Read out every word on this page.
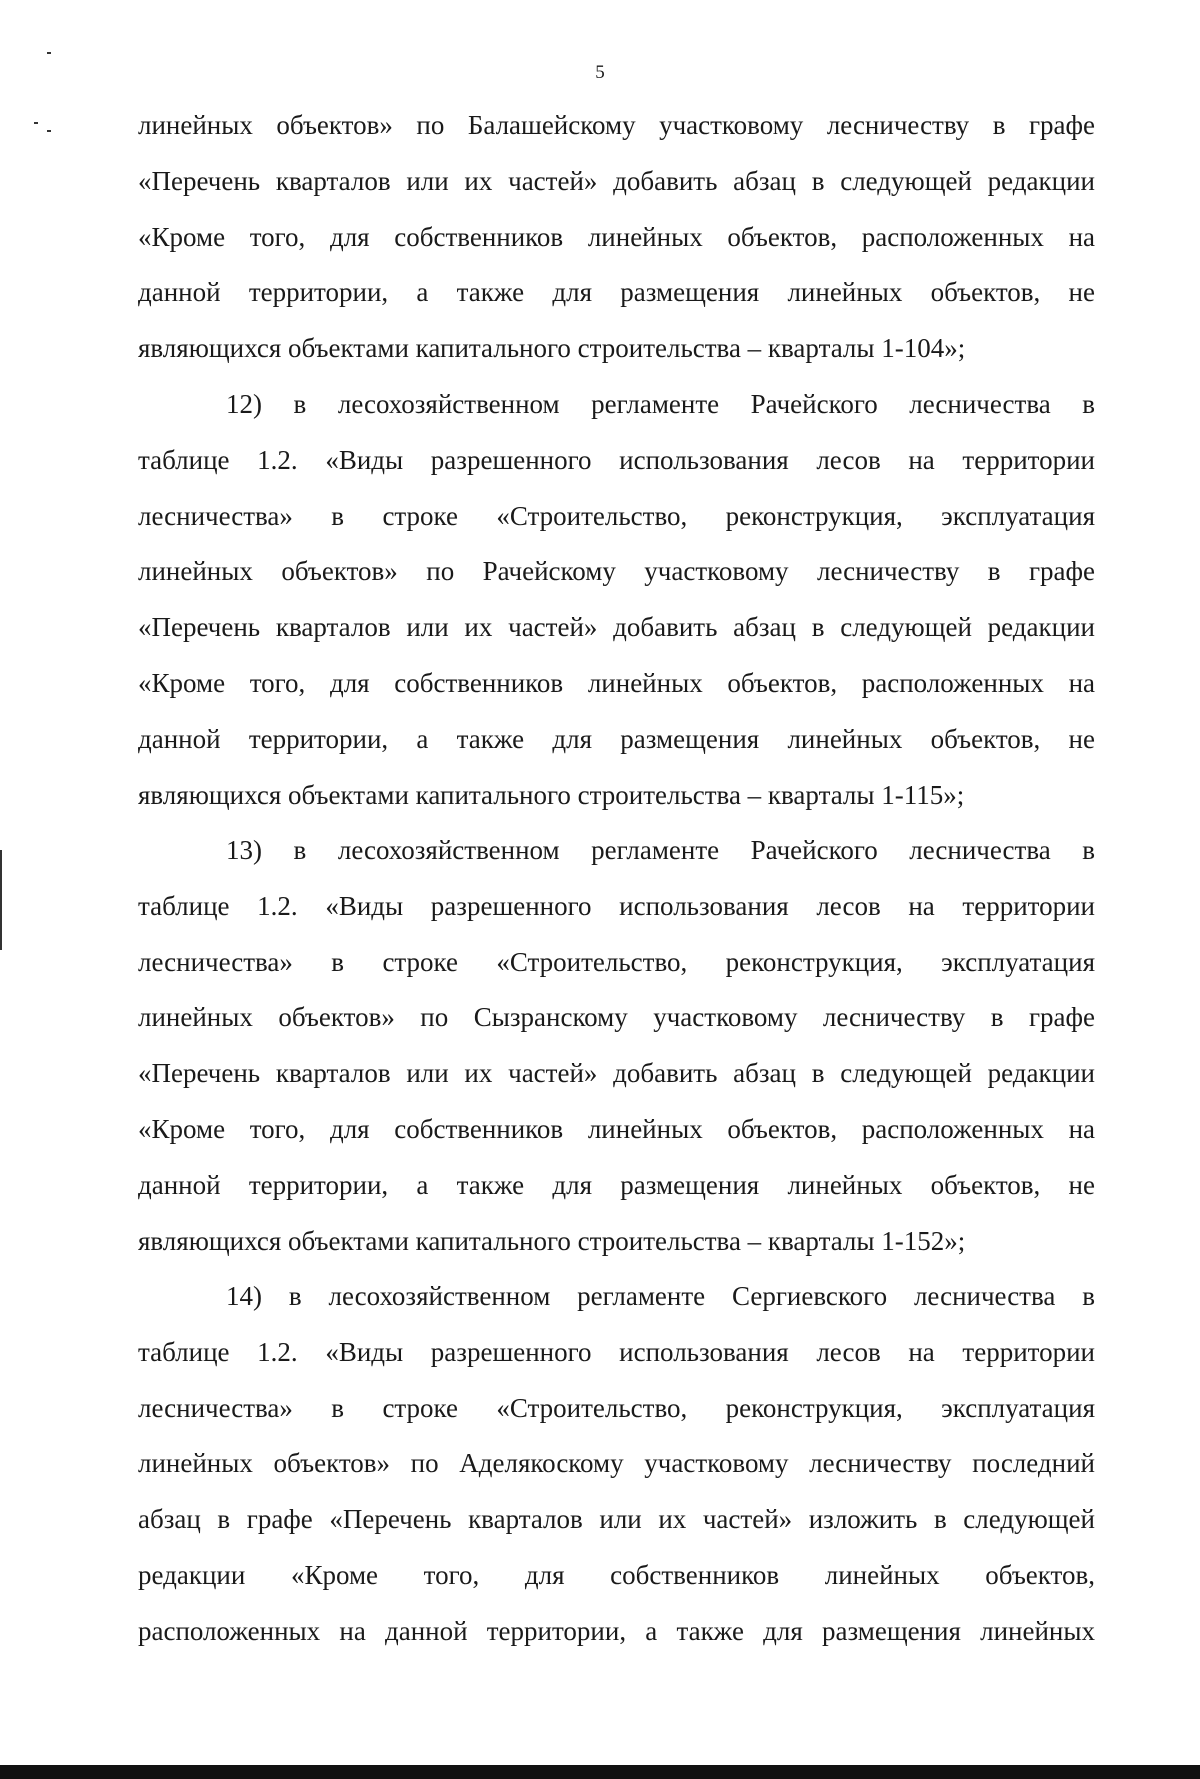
5
линейных объектов» по Балашейскому участковому лесничеству в графе
«Перечень кварталов или их частей» добавить абзац в следующей редакции
«Кроме того, для собственников линейных объектов, расположенных на
данной территории, а также для размещения линейных объектов, не
являющихся объектами капитального строительства – кварталы 1-104»;
12) в лесохозяйственном регламенте Рачейского лесничества в
таблице 1.2. «Виды разрешенного использования лесов на территории
лесничества» в строке «Строительство, реконструкция, эксплуатация
линейных объектов» по Рачейскому участковому лесничеству в графе
«Перечень кварталов или их частей» добавить абзац в следующей редакции
«Кроме того, для собственников линейных объектов, расположенных на
данной территории, а также для размещения линейных объектов, не
являющихся объектами капитального строительства – кварталы 1-115»;
13) в лесохозяйственном регламенте Рачейского лесничества в
таблице 1.2. «Виды разрешенного использования лесов на территории
лесничества» в строке «Строительство, реконструкция, эксплуатация
линейных объектов» по Сызранскому участковому лесничеству в графе
«Перечень кварталов или их частей» добавить абзац в следующей редакции
«Кроме того, для собственников линейных объектов, расположенных на
данной территории, а также для размещения линейных объектов, не
являющихся объектами капитального строительства – кварталы 1-152»;
14) в лесохозяйственном регламенте Сергиевского лесничества в
таблице 1.2. «Виды разрешенного использования лесов на территории
лесничества» в строке «Строительство, реконструкция, эксплуатация
линейных объектов» по Аделякоскому участковому лесничеству последний
абзац в графе «Перечень кварталов или их частей» изложить в следующей
редакции «Кроме того, для собственников линейных объектов,
расположенных на данной территории, а также для размещения линейных
